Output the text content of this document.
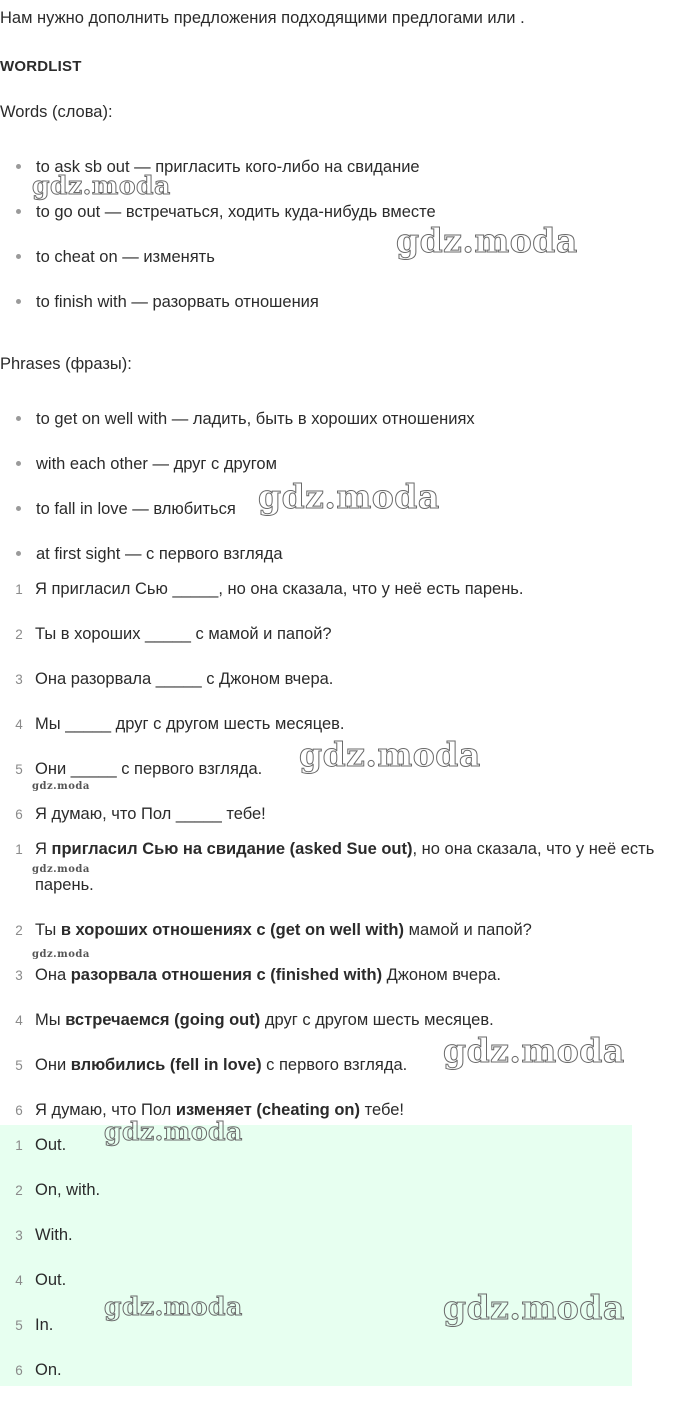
Нам нужно дополнить предложения подходящими предлогами или .
WORDLIST
Words (слова):
to ask sb out — пригласить кого-либо на свидание
to go out — встречаться, ходить куда-нибудь вместе
to cheat on — изменять
to finish with — разорвать отношения
Phrases (фразы):
to get on well with — ладить, быть в хороших отношениях
with each other — друг с другом
to fall in love — влюбиться
at first sight — с первого взгляда
1 Я пригласил Сью _____, но она сказала, что у неё есть парень.
2 Ты в хороших _____ с мамой и папой?
3 Она разорвала _____ с Джоном вчера.
4 Мы _____ друг с другом шесть месяцев.
5 Они _____ с первого взгляда.
6 Я думаю, что Пол _____ тебе!
1 Я пригласил Сью на свидание (asked Sue out), но она сказала, что у неё есть парень.
2 Ты в хороших отношениях с (get on well with) мамой и папой?
3 Она разорвала отношения с (finished with) Джоном вчера.
4 Мы встречаемся (going out) друг с другом шесть месяцев.
5 Они влюбились (fell in love) с первого взгляда.
6 Я думаю, что Пол изменяет (cheating on) тебе!
1 Out.
2 On, with.
3 With.
4 Out.
5 In.
6 On.
gdz.moda
gdz.moda
gdz.moda
gdz.moda
gdz.moda
gdz.moda
gdz.moda
gdz.moda
gdz.moda
gdz.moda	gdz.moda
